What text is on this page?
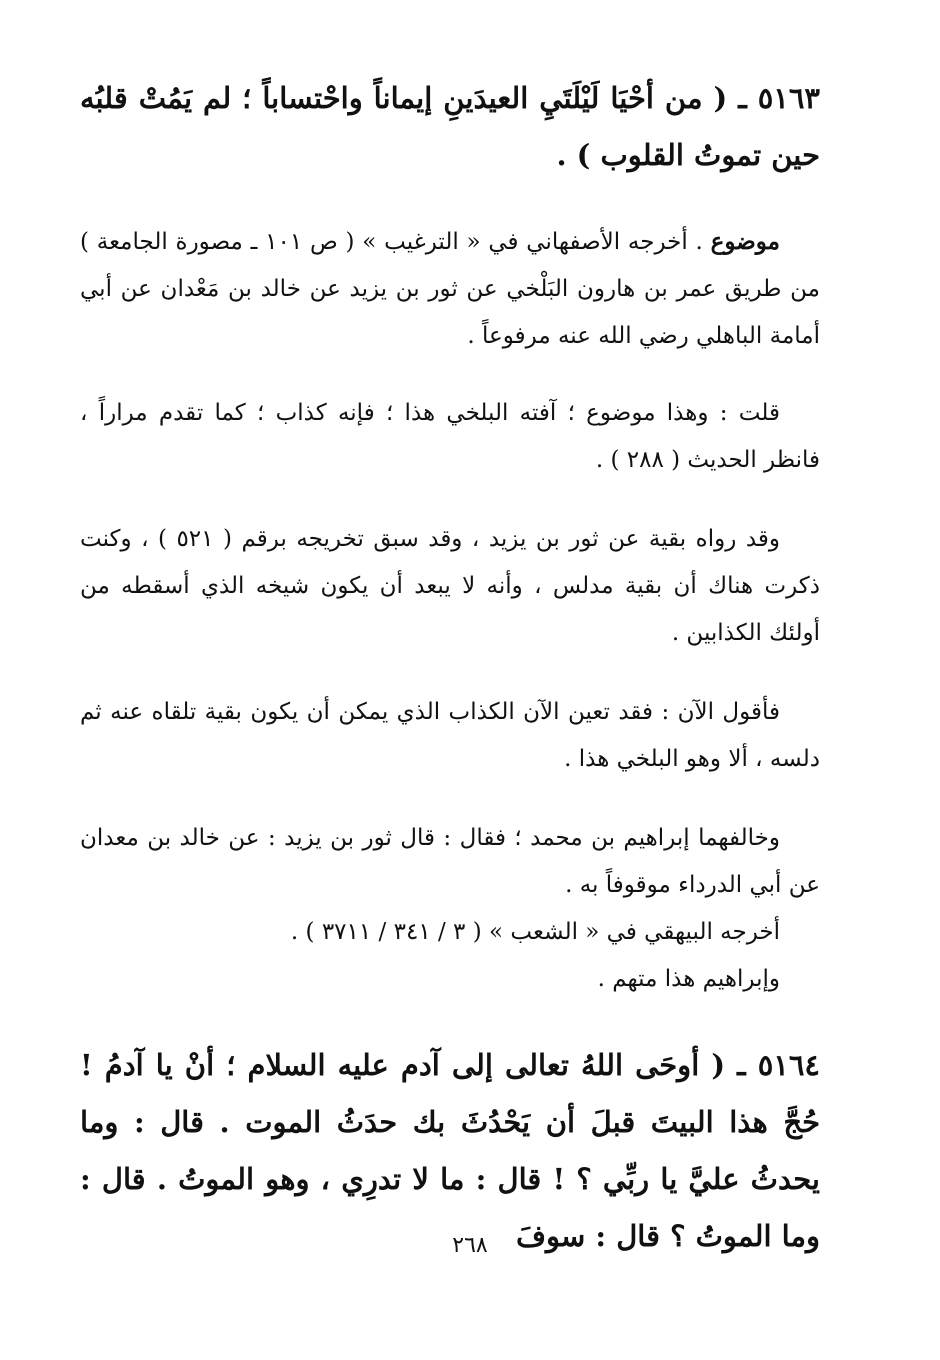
٥١٦٣ ـ ( من أحْيَا لَيْلَتَيِ العيدَينِ إيماناً واحْتساباً ؛ لم يَمُتْ قلبُه حين تموتُ القلوب ) .

موضوع . أخرجه الأصفهاني في « الترغيب » ( ص ١٠١ ـ مصورة الجامعة ) من طريق عمر بن هارون البَلْخي عن ثور بن يزيد عن خالد بن مَعْدان عن أبي أمامة الباهلي رضي الله عنه مرفوعاً .

قلت : وهذا موضوع ؛ آفته البلخي هذا ؛ فإنه كذاب ؛ كما تقدم مراراً ، فانظر الحديث ( ٢٨٨ ) .

وقد رواه بقية عن ثور بن يزيد ، وقد سبق تخريجه برقم ( ٥٢١ ) ، وكنت ذكرت هناك أن بقية مدلس ، وأنه لا يبعد أن يكون شيخه الذي أسقطه من أولئك الكذابين .

فأقول الآن : فقد تعين الآن الكذاب الذي يمكن أن يكون بقية تلقاه عنه ثم دلسه ، ألا وهو البلخي هذا .

وخالفهما إبراهيم بن محمد ؛ فقال : قال ثور بن يزيد : عن خالد بن معدان عن أبي الدرداء موقوفاً به .

أخرجه البيهقي في « الشعب » ( ٣ / ٣٤١ / ٣٧١١ ) .

وإبراهيم هذا متهم .

٥١٦٤ ـ ( أوحَى اللهُ تعالى إلى آدم عليه السلام ؛ أنْ يا آدمُ ! حُجَّ هذا البيتَ قبلَ أن يَحْدُثَ بك حدَثُ الموت . قال : وما يحدثُ عليَّ يا ربِّي ؟ ! قال : ما لا تدرِي ، وهو الموتُ . قال : وما الموتُ ؟ قال : سوفَ

٢٦٨
